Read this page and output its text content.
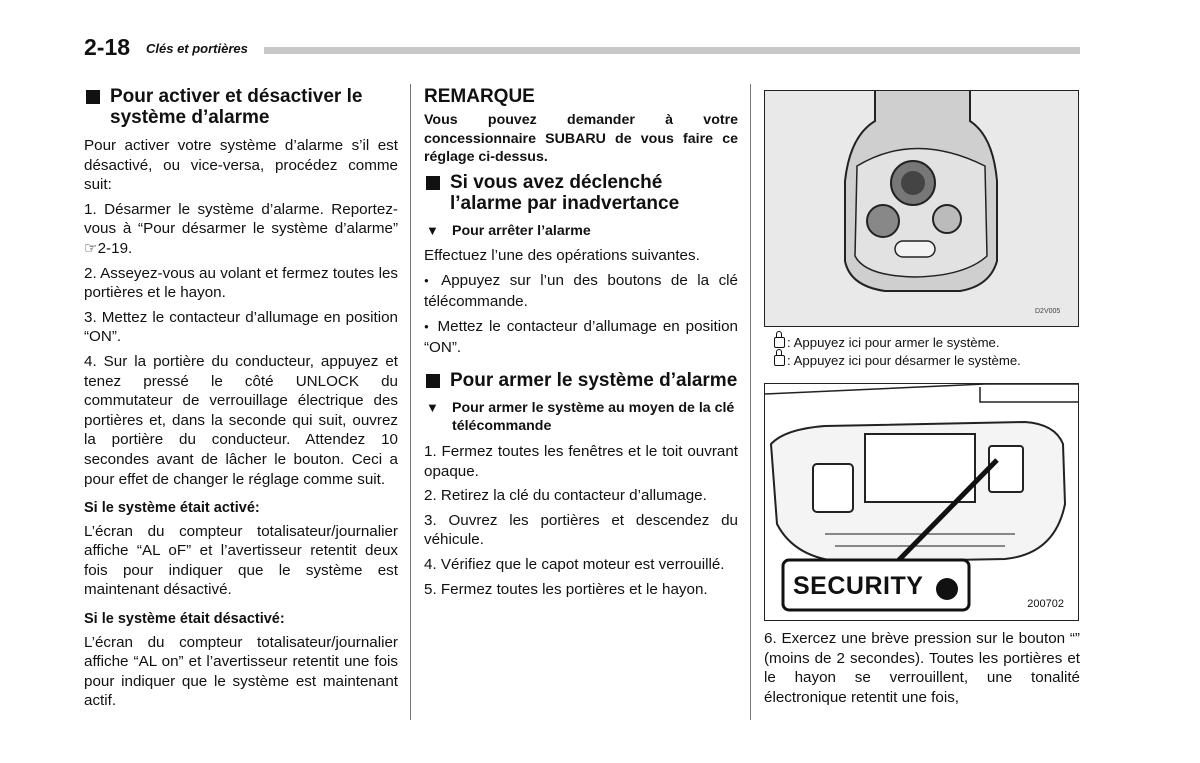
2-18 Clés et portières
Pour activer et désactiver le système d’alarme

Pour activer votre système d’alarme s’il est désactivé, ou vice-versa, procédez comme suit:

1. Désarmer le système d’alarme. Reportez-vous à “Pour désarmer le système d’alarme” ☞2-19.

2. Asseyez-vous au volant et fermez toutes les portières et le hayon.

3. Mettez le contacteur d’allumage en position “ON”.

4. Sur la portière du conducteur, appuyez et tenez pressé le côté UNLOCK du commutateur de verrouillage électrique des portières et, dans la seconde qui suit, ouvrez la portière du conducteur. Attendez 10 secondes avant de lâcher le bouton. Ceci a pour effet de changer le réglage comme suit.

Si le système était activé:

L’écran du compteur totalisateur/journalier affiche “AL oF” et l’avertisseur retentit deux fois pour indiquer que le système est maintenant désactivé.

Si le système était désactivé:

L’écran du compteur totalisateur/journalier affiche “AL on” et l’avertisseur retentit une fois pour indiquer que le système est maintenant actif.

REMARQUE

Vous pouvez demander à votre concessionnaire SUBARU de vous faire ce réglage ci-dessus.

Si vous avez déclenché l’alarme par inadvertance
▼ Pour arrêter l’alarme

Effectuez l’une des opérations suivantes.

● Appuyez sur l’un des boutons de la clé télécommande.

● Mettez le contacteur d’allumage en position “ON”.

Pour armer le système d’alarme
▼ Pour armer le système au moyen de la clé télécommande

1. Fermez toutes les fenêtres et le toit ouvrant opaque.

2. Retirez la clé du contacteur d’allumage.

3. Ouvrez les portières et descendez du véhicule.

4. Vérifiez que le capot moteur est verrouillé.

5. Fermez toutes les portières et le hayon.

D2V005
: Appuyez ici pour armer le système.
: Appuyez ici pour désarmer le système.
SECURITY
200702
6. Exercez une brève pression sur le bouton “” (moins de 2 secondes). Toutes les portières et le hayon se verrouillent, une tonalité électronique retentit une fois,
